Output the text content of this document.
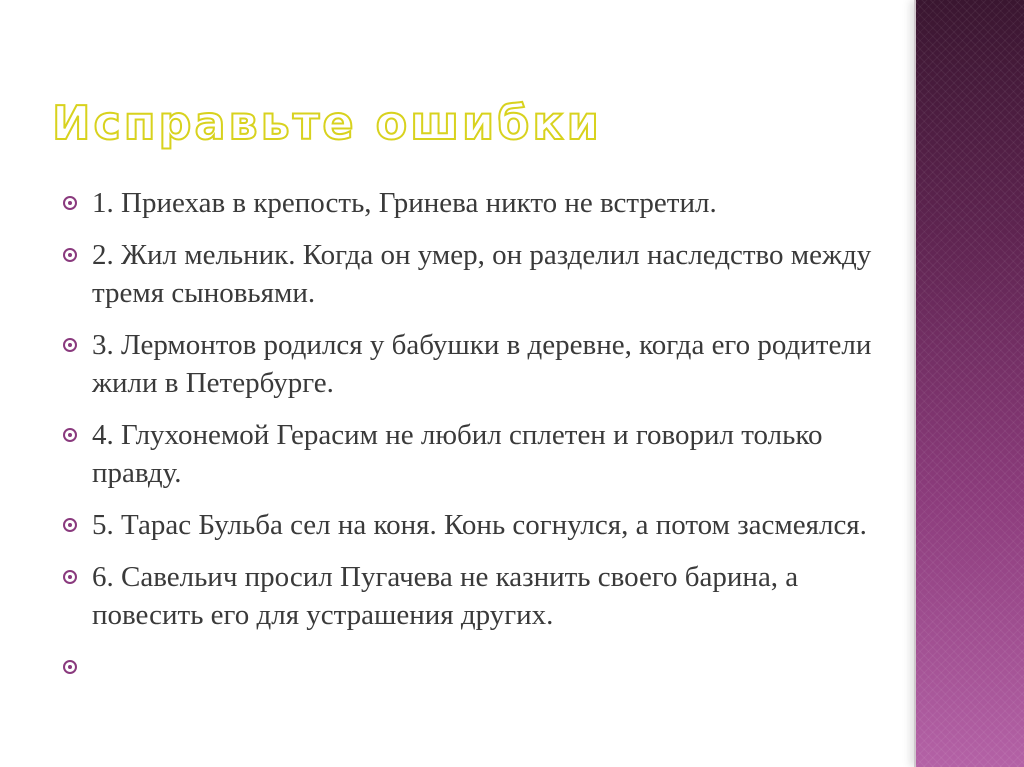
Исправьте ошибки
1. Приехав в крепость, Гринева никто не встретил.
2. Жил мельник. Когда он умер, он разделил наследство между тремя сыновьями.
3. Лермонтов родился у бабушки в деревне, когда его родители жили в Петербурге.
4. Глухонемой Герасим не любил сплетен и говорил только правду.
5. Тарас Бульба сел на коня. Конь согнулся, а потом засмеялся.
6. Савельич просил Пугачева не казнить своего барина, а повесить его для устрашения других.
